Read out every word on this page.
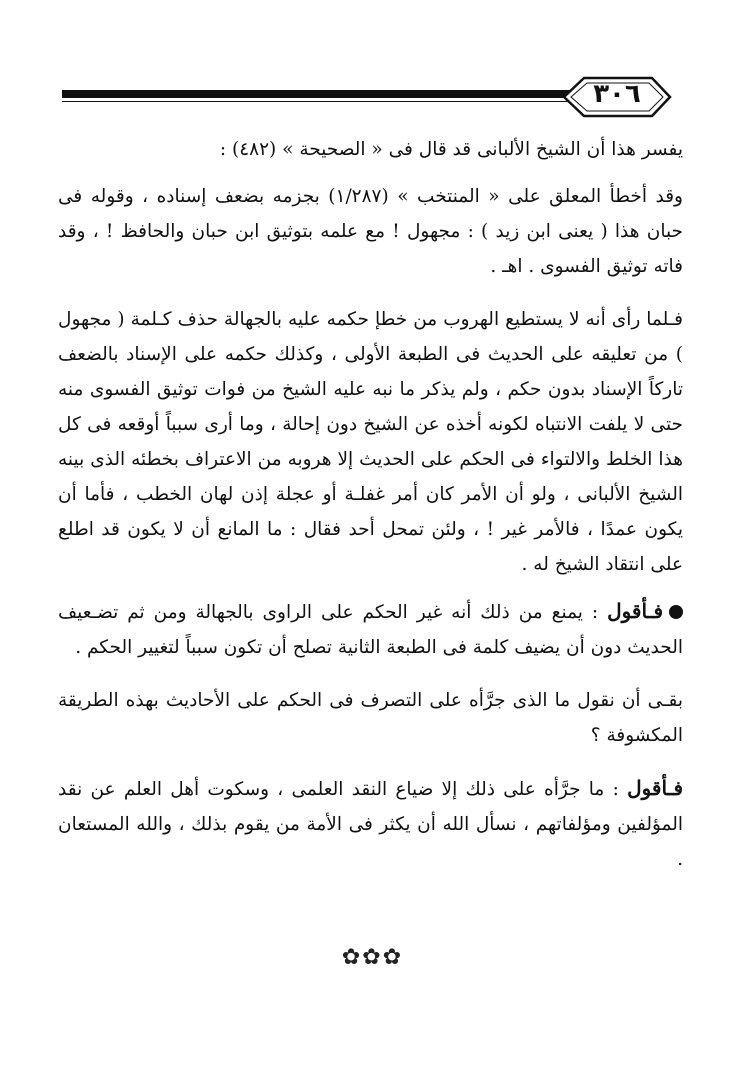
٣٠٦

يفسر هذا أن الشيخ الألبانى قد قال فى « الصحيحة » (٤٨٢) :

وقد أخطأ المعلق على « المنتخب » (١/٢٨٧) بجزمه بضعف إسناده ، وقوله فى حبان هذا ( يعنى ابن زيد ) : مجهول ! مع علمه بتوثيق ابن حبان والحافظ ! ، وقد فاته توثيق الفسوى . اهـ .

فـلما رأى أنه لا يستطيع الهروب من خطإ حكمه عليه بالجهالة حذف كـلمة ( مجهول ) من تعليقه على الحديث فى الطبعة الأولى ، وكذلك حكمه على الإسناد بالضعف تاركاً الإسناد بدون حكم ، ولم يذكر ما نبه عليه الشيخ من فوات توثيق الفسوى منه حتى لا يلفت الانتباه لكونه أخذه عن الشيخ دون إحالة ، وما أرى سبباً أوقعه فى كل هذا الخلط والالتواء فى الحكم على الحديث إلا هروبه من الاعتراف بخطئه الذى بينه الشيخ الألبانى ، ولو أن الأمر كان أمر غفلـة أو عجلة إذن لهان الخطب ، فأما أن يكون عمدًا ، فالأمر غير ! ، ولئن تمحل أحد فقال : ما المانع أن لا يكون قد اطلع على انتقاد الشيخ له .

فـأقول : يمنع من ذلك أنه غير الحكم على الراوى بالجهالة ومن ثم تضـعيف الحديث دون أن يضيف كلمة فى الطبعة الثانية تصلح أن تكون سبباً لتغيير الحكم .

بقـى أن نقول ما الذى جرَّأه على التصرف فى الحكم على الأحاديث بهذه الطريقة المكشوفة ؟

فـأقول : ما جرَّأه على ذلك إلا ضياع النقد العلمى ، وسكوت أهل العلم عن نقد المؤلفين ومؤلفاتهم ، نسأل الله أن يكثر فى الأمة من يقوم بذلك ، والله المستعان .

✿✿✿
